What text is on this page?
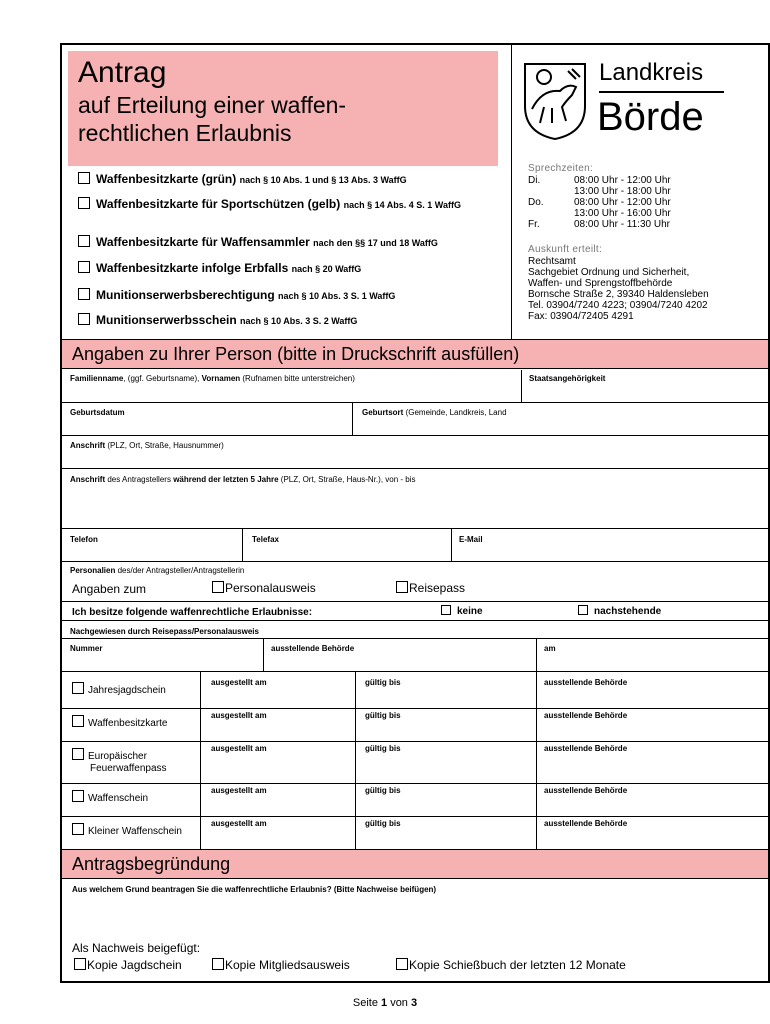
Antrag
auf Erteilung einer waffen-
rechtlichen Erlaubnis
Waffenbesitzkarte (grün) nach § 10 Abs. 1 und § 13 Abs. 3 WaffG
Waffenbesitzkarte für Sportschützen (gelb) nach § 14 Abs. 4 S. 1 WaffG
Waffenbesitzkarte für Waffensammler nach den §§ 17 und 18 WaffG
Waffenbesitzkarte infolge Erbfalls nach § 20 WaffG
Munitionserwerbsberechtigung nach § 10 Abs. 3 S. 1 WaffG
Munitionserwerbsschein nach § 10 Abs. 3 S. 2 WaffG
Landkreis
Börde
Sprechzeiten:
Di.	08:00 Uhr - 12:00 Uhr
13:00 Uhr - 18:00 Uhr
Do.	08:00 Uhr - 12:00 Uhr
13:00 Uhr - 16:00 Uhr
Fr.	08:00 Uhr - 11:30 Uhr
Auskunft erteilt:
Rechtsamt
Sachgebiet Ordnung und Sicherheit,
Waffen- und Sprengstoffbehörde
Bornsche Straße 2, 39340 Haldensleben
Tel. 03904/7240 4223; 03904/7240 4202
Fax: 03904/72405 4291
Angaben zu Ihrer Person (bitte in Druckschrift ausfüllen)
Familienname, (ggf. Geburtsname), Vornamen (Rufnamen bitte unterstreichen)	Staatsangehörigkeit
Geburtsdatum	Geburtsort (Gemeinde, Landkreis, Land
Anschrift (PLZ, Ort, Straße, Hausnummer)
Anschrift des Antragstellers während der letzten 5 Jahre (PLZ, Ort, Straße, Haus-Nr.), von - bis
Telefon	Telefax	E-Mail
Personalien des/der Antragsteller/Antragstellerin
Angaben zum	Personalausweis	Reisepass
Ich besitze folgende waffenrechtliche Erlaubnisse:	keine	nachstehende
Nachgewiesen durch Reisepass/Personalausweis
Nummer	ausstellende Behörde	am
Jahresjagdschein
ausgestellt am	gültig bis	ausstellende Behörde
Waffenbesitzkarte
ausgestellt am	gültig bis	ausstellende Behörde
Europäischer
Feuerwaffenpass
ausgestellt am	gültig bis	ausstellende Behörde
Waffenschein
ausgestellt am	gültig bis	ausstellende Behörde
Kleiner Waffenschein
ausgestellt am	gültig bis	ausstellende Behörde
Antragsbegründung
Aus welchem Grund beantragen Sie die waffenrechtliche Erlaubnis? (Bitte Nachweise beifügen)
Als Nachweis beigefügt:
Kopie Jagdschein	Kopie Mitgliedsausweis	Kopie Schießbuch der letzten 12 Monate
Seite 1 von 3
